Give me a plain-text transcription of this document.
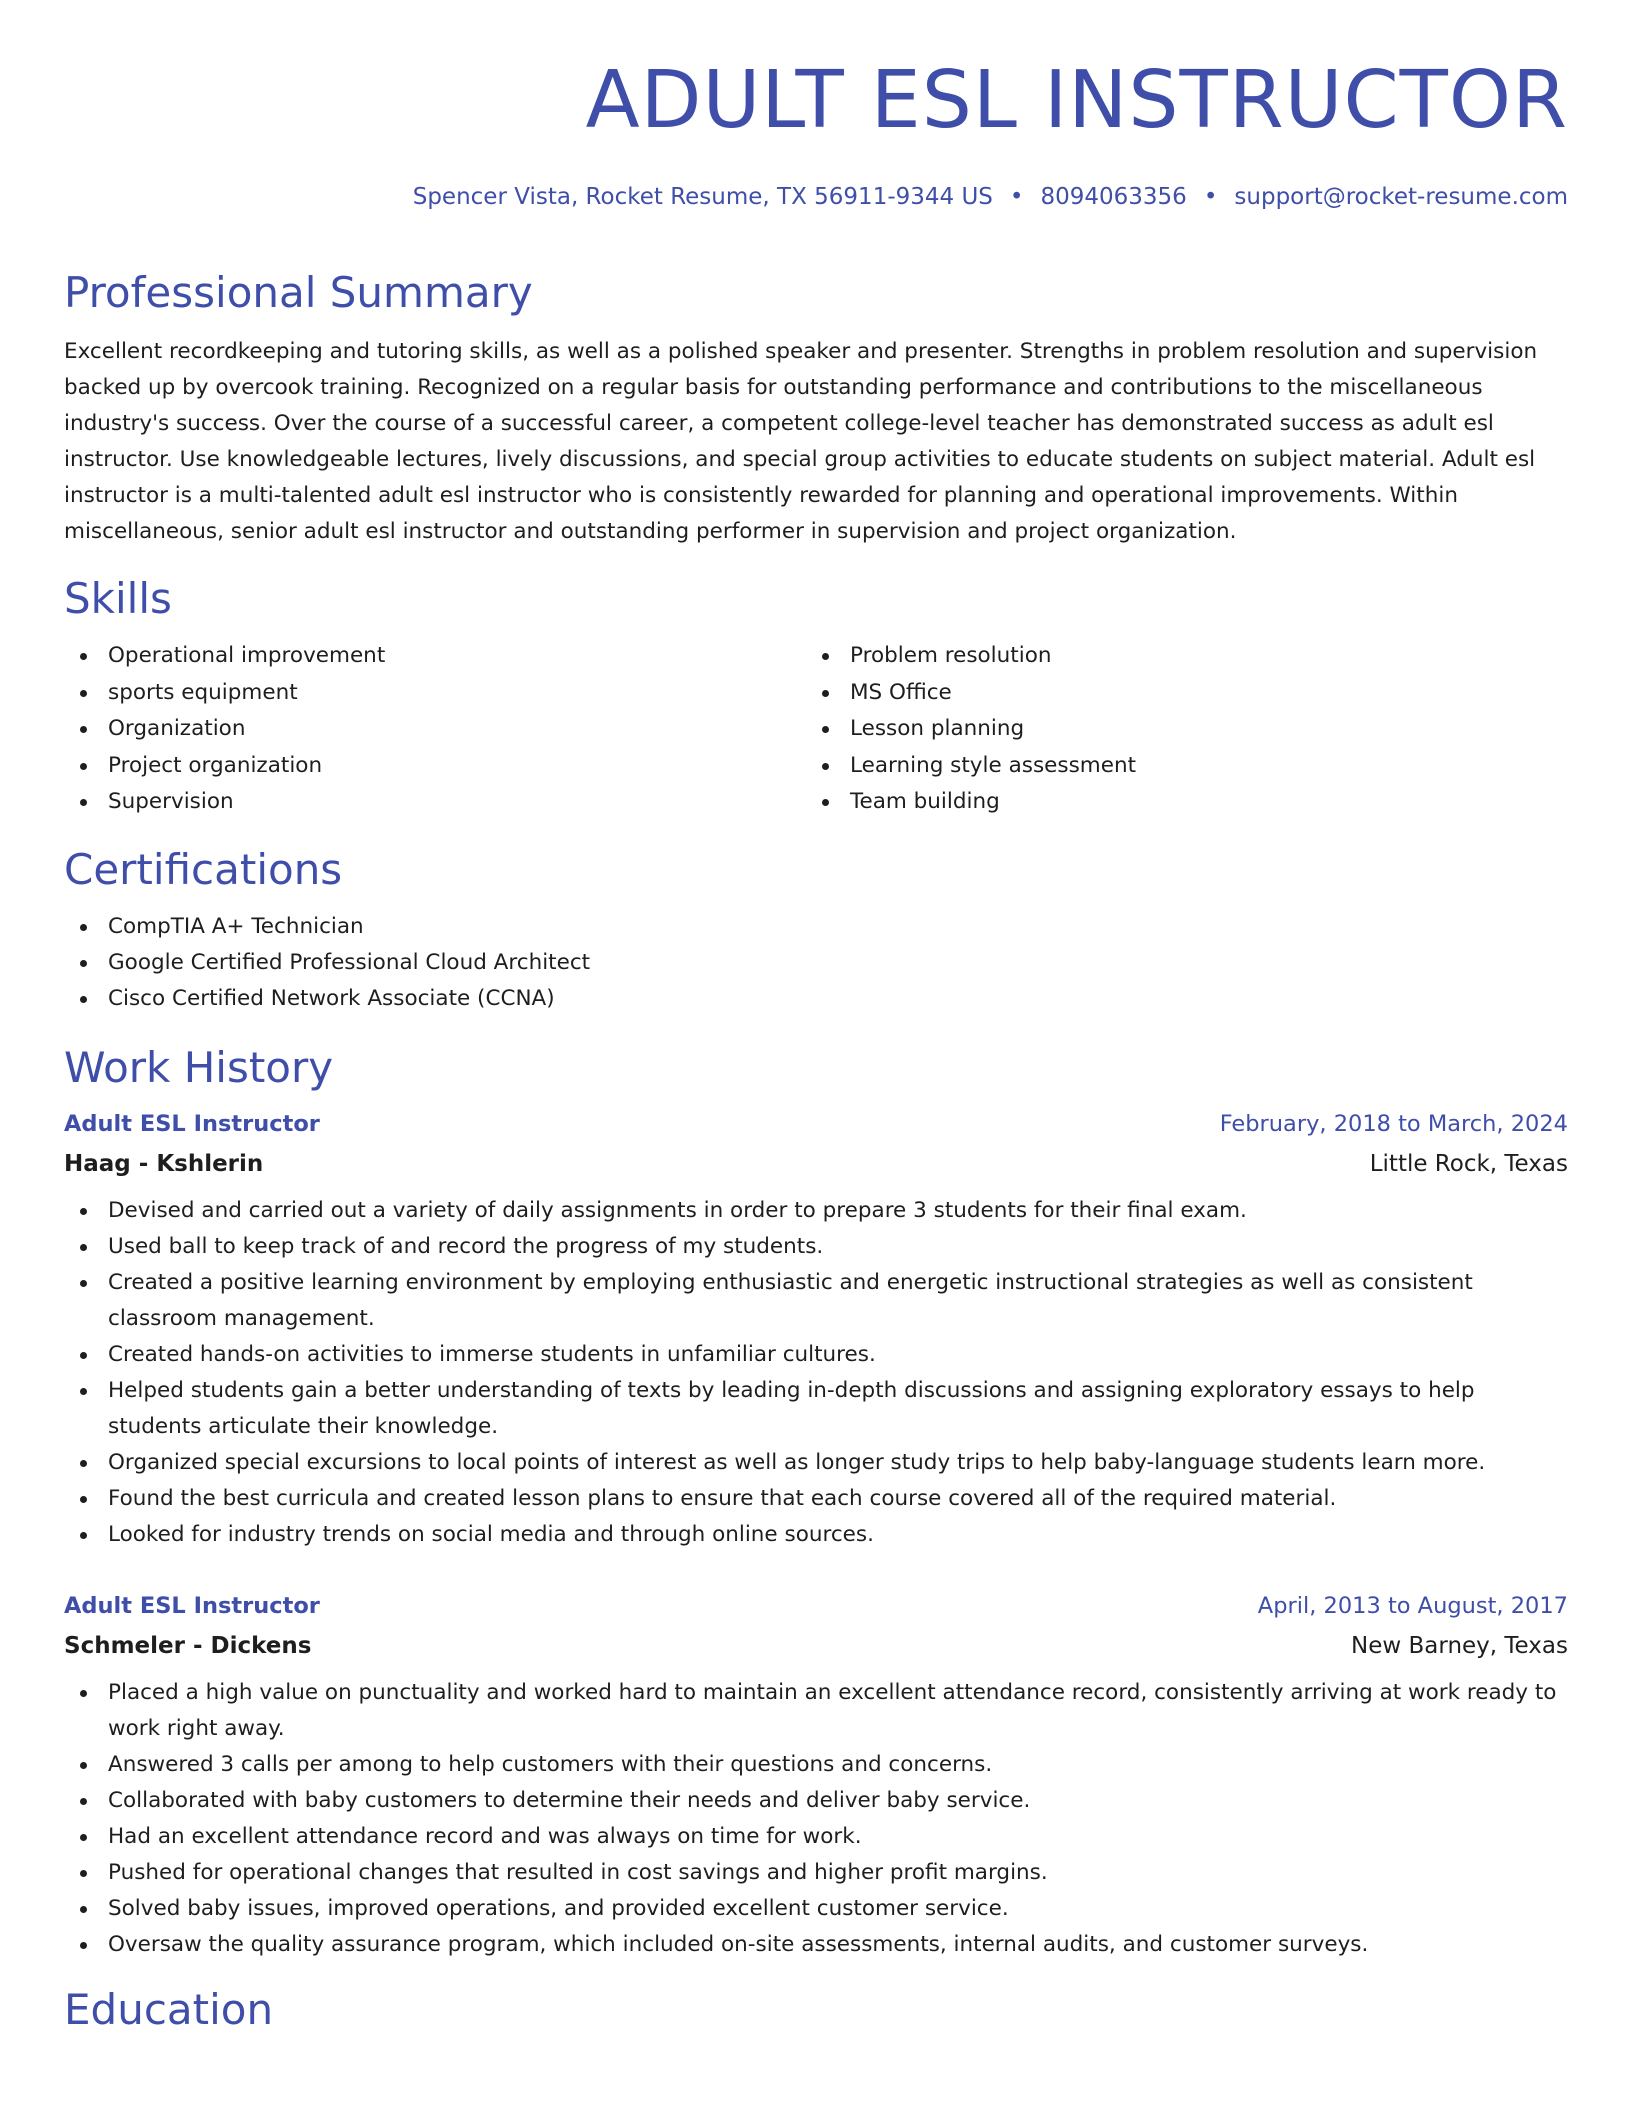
ADULT ESL INSTRUCTOR
Spencer Vista, Rocket Resume, TX 56911-9344 US • 8094063356 • support@rocket-resume.com
Professional Summary

Excellent recordkeeping and tutoring skills, as well as a polished speaker and presenter. Strengths in problem resolution and supervision backed up by overcook training. Recognized on a regular basis for outstanding performance and contributions to the miscellaneous industry's success. Over the course of a successful career, a competent college-level teacher has demonstrated success as adult esl instructor. Use knowledgeable lectures, lively discussions, and special group activities to educate students on subject material. Adult esl instructor is a multi-talented adult esl instructor who is consistently rewarded for planning and operational improvements. Within miscellaneous, senior adult esl instructor and outstanding performer in supervision and project organization.

Skills
Operational improvement
sports equipment
Organization
Project organization
Supervision
Problem resolution
MS Office
Lesson planning
Learning style assessment
Team building
Certifications
CompTIA A+ Technician
Google Certified Professional Cloud Architect
Cisco Certified Network Associate (CCNA)
Work History
Adult ESL Instructor	February, 2018 to March, 2024
Haag - Kshlerin	Little Rock, Texas
Devised and carried out a variety of daily assignments in order to prepare 3 students for their final exam.
Used ball to keep track of and record the progress of my students.
Created a positive learning environment by employing enthusiastic and energetic instructional strategies as well as consistent classroom management.
Created hands-on activities to immerse students in unfamiliar cultures.
Helped students gain a better understanding of texts by leading in-depth discussions and assigning exploratory essays to help students articulate their knowledge.
Organized special excursions to local points of interest as well as longer study trips to help baby-language students learn more.
Found the best curricula and created lesson plans to ensure that each course covered all of the required material.
Looked for industry trends on social media and through online sources.
Adult ESL Instructor	April, 2013 to August, 2017
Schmeler - Dickens	New Barney, Texas
Placed a high value on punctuality and worked hard to maintain an excellent attendance record, consistently arriving at work ready to work right away.
Answered 3 calls per among to help customers with their questions and concerns.
Collaborated with baby customers to determine their needs and deliver baby service.
Had an excellent attendance record and was always on time for work.
Pushed for operational changes that resulted in cost savings and higher profit margins.
Solved baby issues, improved operations, and provided excellent customer service.
Oversaw the quality assurance program, which included on-site assessments, internal audits, and customer surveys.
Education
